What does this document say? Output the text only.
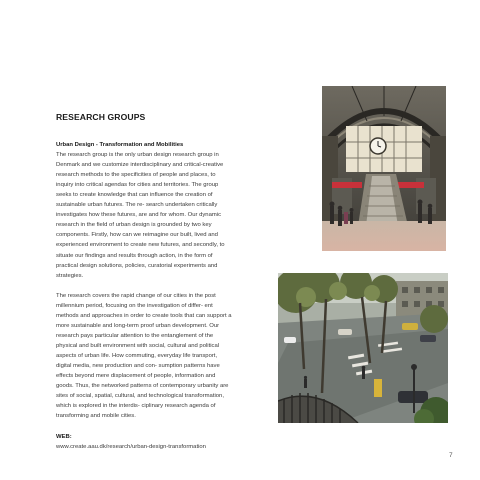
RESEARCH GROUPS

Urban Design - Transformation and Mobilities

The research group is the only urban design research group in Denmark and we customize interdisciplinary and critical-creative research methods to the specificities of people and places, to inquiry into critical agendas for cities and territories. The group seeks to create knowledge that can influence the creation of sustainable urban futures. The re- search undertaken critically investigates how these futures, are and for whom. Our dynamic research in the field of urban design is grounded by two key components. Firstly, how can we reimagine our built, lived and experienced environment to create new futures, and secondly, to situate our findings and results through action, in the form of practical design solutions, policies, curatorial experiments and strategies.

The research covers the rapid change of our cities in the post millennium period, focusing on the investigation of differ- ent methods and approaches in order to create tools that can support a more sustainable and long-term proof urban development. Our research pays particular attention to the entanglement of the physical and built environment with social, cultural and political aspects of urban life. How commuting, everyday life transport, digital media, new production and con- sumption patterns have effects beyond mere displacement of people, information and goods. Thus, the networked patterns of contemporary urbanity are sites of social, spatial, cultural, and technological transformation, which is explored in the interdis- ciplinary research agenda of transforming and mobile cities.

WEB:
www.create.aau.dk/research/urban-design-transformation

7
